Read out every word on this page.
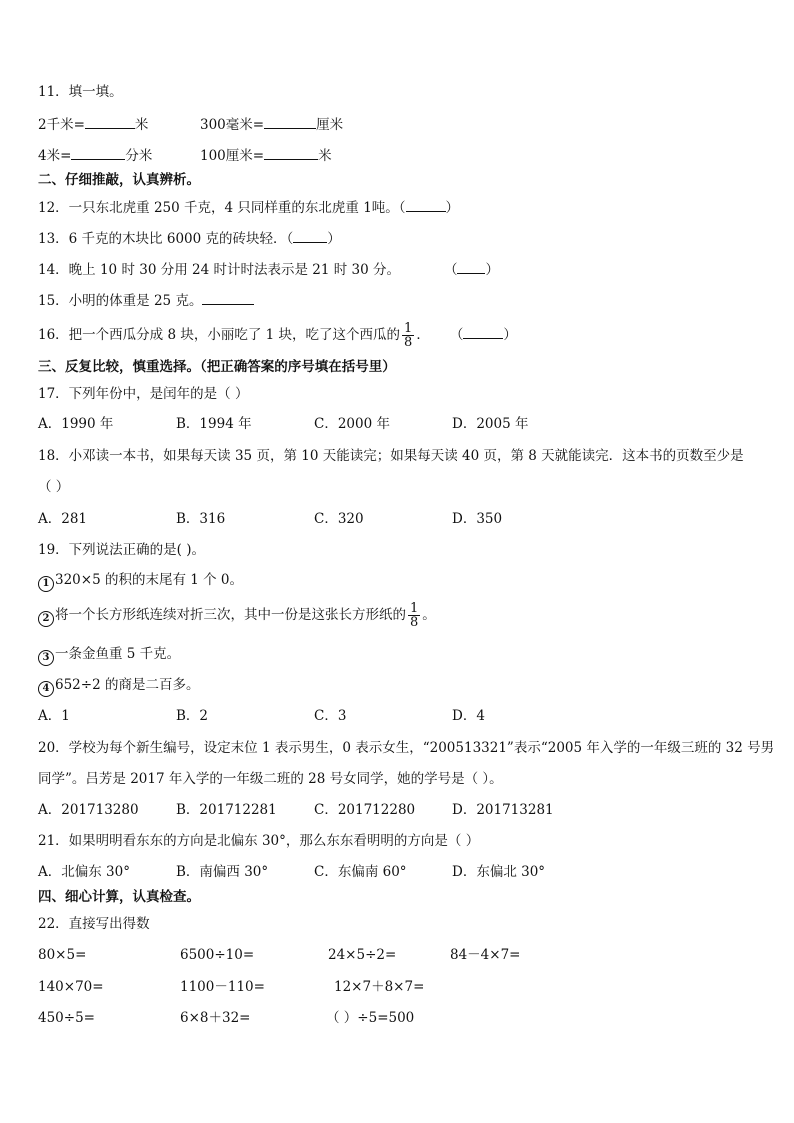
11．填一填。
2千米=	米	300毫米=	厘米
4米=	分米	100厘米=	米
二、仔细推敲，认真辨析。
12．一只东北虎重 250 千克，4 只同样重的东北虎重 1吨。（	）
13．6 千克的木块比 6000 克的砖块轻．（	）
14．晚上 10 时 30 分用 24 时计时法表示是 21 时 30 分。	（ ）
15．小明的体重是 25 克。
16．把一个西瓜分成 8 块，小丽吃了 1 块，吃了这个西瓜的 $\frac{1}{8}$ ． （	）
三、反复比较，慎重选择。（把正确答案的序号填在括号里）
17．下列年份中，是闰年的是（ ）
A．1990 年	B．1994 年	C．2000 年	D．2005 年
18．小邓读一本书，如果每天读 35 页，第 10 天能读完；如果每天读 40 页，第 8 天就能读完．这本书的页数至少是
（ ）
A．281	B．316	C．320	D．350
19．下列说法正确的是( )。
1 320×5 的积的末尾有 1 个 0。
2 将一个长方形纸连续对折三次，其中一份是这张长方形纸的 $\frac{1}{8}$ 。
3 一条金鱼重 5 千克。
4 652÷2 的商是二百多。
A．1	B．2	C．3	D．4
20．学校为每个新生编号，设定末位 1 表示男生，0 表示女生，“200513321”表示“2005 年入学的一年级三班的 32 号男
同学”。吕芳是 2017 年入学的一年级二班的 28 号女同学，她的学号是（ ）。
A．201713280	B．201712281	C．201712280	D．201713281
21．如果明明看东东的方向是北偏东 30°，那么东东看明明的方向是（ ）
A．北偏东 30°	B．南偏西 30°	C．东偏南 60°	D．东偏北 30°
四、细心计算，认真检查。
22．直接写出得数
80×5=	6500÷10=	24×5÷2=	84－4×7=
140×70=	1100－110=	12×7＋8×7=
450÷5=	6×8＋32=	（ ）÷5=500
